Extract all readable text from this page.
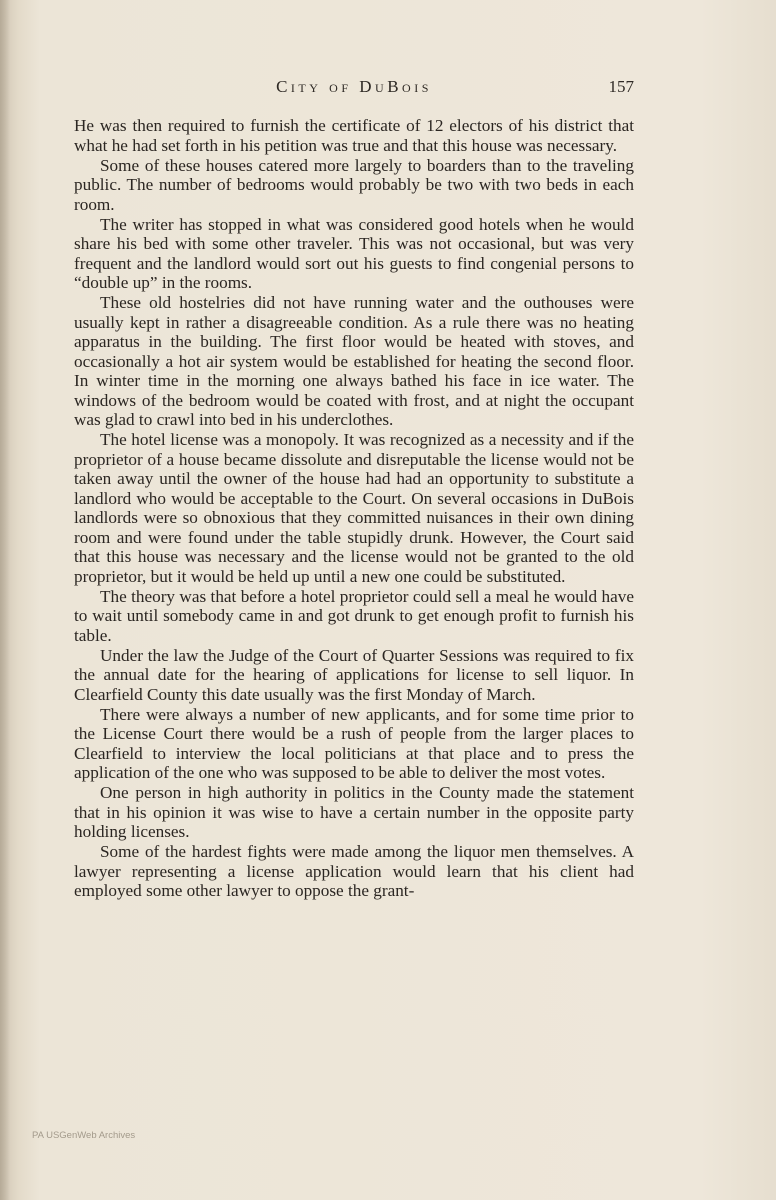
City of DuBois	157

He was then required to furnish the certificate of 12 electors of his district that what he had set forth in his petition was true and that this house was necessary.

Some of these houses catered more largely to boarders than to the traveling public. The number of bedrooms would probably be two with two beds in each room.

The writer has stopped in what was considered good hotels when he would share his bed with some other traveler. This was not occasional, but was very frequent and the landlord would sort out his guests to find congenial persons to “double up” in the rooms.

These old hostelries did not have running water and the outhouses were usually kept in rather a disagreeable condition. As a rule there was no heating apparatus in the building. The first floor would be heated with stoves, and occasionally a hot air system would be established for heating the second floor. In winter time in the morning one always bathed his face in ice water. The windows of the bedroom would be coated with frost, and at night the occupant was glad to crawl into bed in his underclothes.

The hotel license was a monopoly. It was recognized as a necessity and if the proprietor of a house became dissolute and disreputable the license would not be taken away until the owner of the house had had an opportunity to substitute a landlord who would be acceptable to the Court. On several occasions in DuBois landlords were so obnoxious that they committed nuisances in their own dining room and were found under the table stupidly drunk. However, the Court said that this house was necessary and the license would not be granted to the old proprietor, but it would be held up until a new one could be substituted.

The theory was that before a hotel proprietor could sell a meal he would have to wait until somebody came in and got drunk to get enough profit to furnish his table.

Under the law the Judge of the Court of Quarter Sessions was required to fix the annual date for the hearing of applications for license to sell liquor. In Clearfield County this date usually was the first Monday of March.

There were always a number of new applicants, and for some time prior to the License Court there would be a rush of people from the larger places to Clearfield to interview the local politicians at that place and to press the application of the one who was supposed to be able to deliver the most votes.

One person in high authority in politics in the County made the statement that in his opinion it was wise to have a certain number in the opposite party holding licenses.

Some of the hardest fights were made among the liquor men themselves. A lawyer representing a license application would learn that his client had employed some other lawyer to oppose the grant-

PA USGenWeb Archives
